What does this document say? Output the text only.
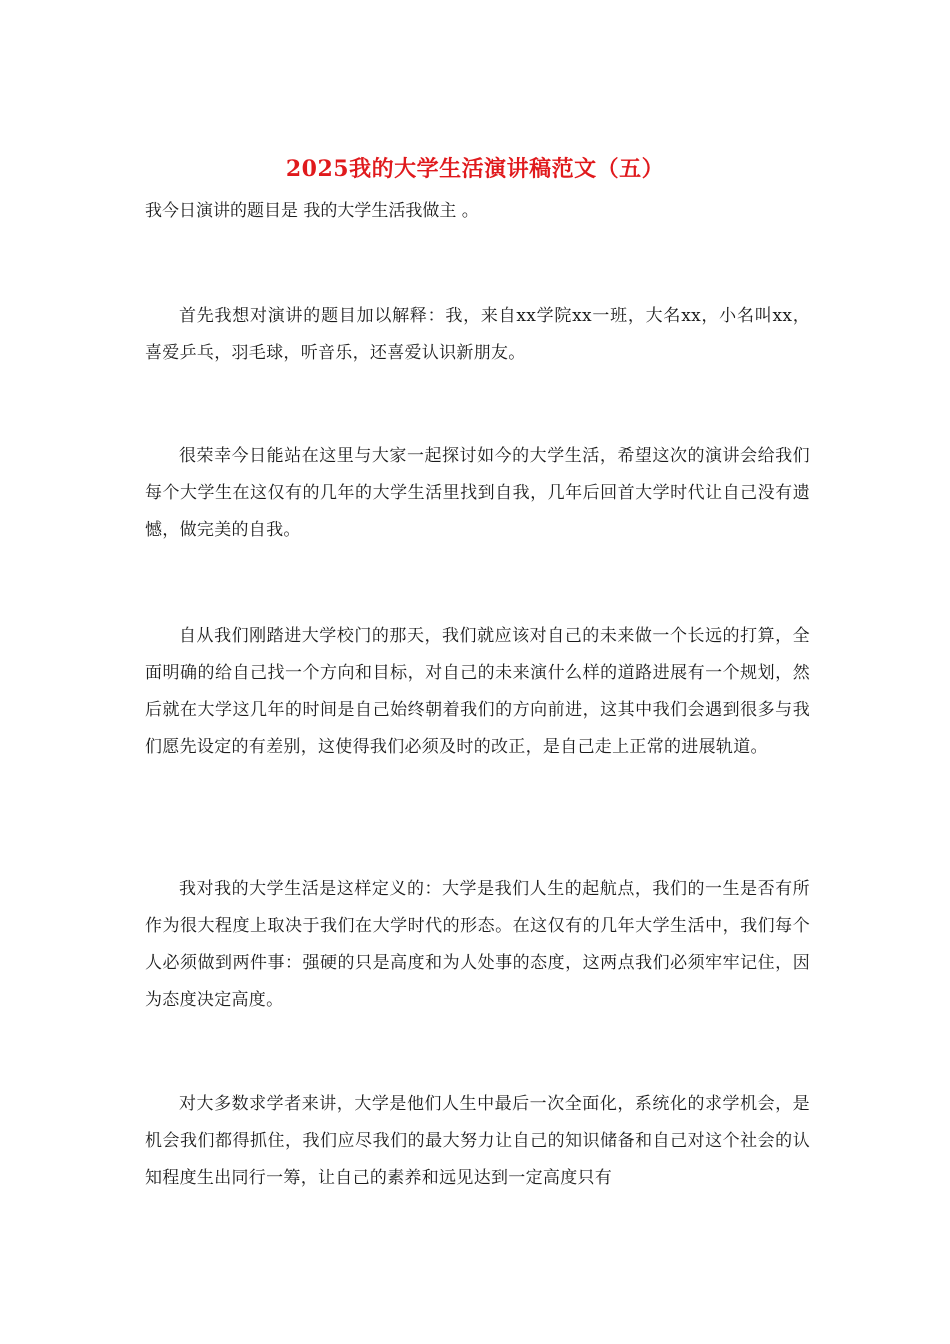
2025我的大学生活演讲稿范文（五）
我今日演讲的题目是 我的大学生活我做主 。
首先我想对演讲的题目加以解释：我，来自xx学院xx一班，大名xx，小名叫xx，喜爱乒乓，羽毛球，听音乐，还喜爱认识新朋友。
很荣幸今日能站在这里与大家一起探讨如今的大学生活，希望这次的演讲会给我们每个大学生在这仅有的几年的大学生活里找到自我，几年后回首大学时代让自己没有遗憾，做完美的自我。
自从我们刚踏进大学校门的那天，我们就应该对自己的未来做一个长远的打算，全面明确的给自己找一个方向和目标，对自己的未来演什么样的道路进展有一个规划，然后就在大学这几年的时间是自己始终朝着我们的方向前进，这其中我们会遇到很多与我们愿先设定的有差别，这使得我们必须及时的改正，是自己走上正常的进展轨道。
我对我的大学生活是这样定义的：大学是我们人生的起航点，我们的一生是否有所作为很大程度上取决于我们在大学时代的形态。在这仅有的几年大学生活中，我们每个人必须做到两件事：强硬的只是高度和为人处事的态度，这两点我们必须牢牢记住，因为态度决定高度。
对大多数求学者来讲，大学是他们人生中最后一次全面化，系统化的求学机会，是机会我们都得抓住，我们应尽我们的最大努力让自己的知识储备和自己对这个社会的认知程度生出同行一筹，让自己的素养和远见达到一定高度只有
